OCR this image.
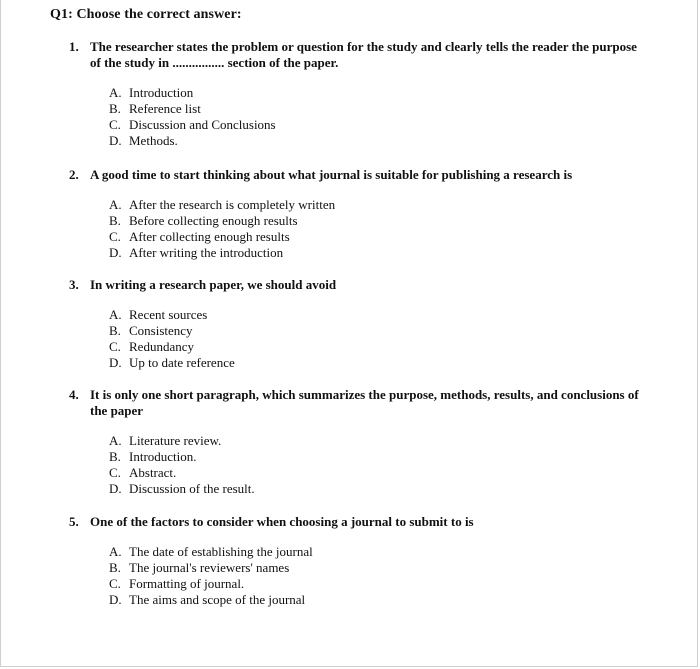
Q1: Choose the correct answer:
1. The researcher states the problem or question for the study and clearly tells the reader the purpose of the study in ................ section of the paper.
A. Introduction
B. Reference list
C. Discussion and Conclusions
D. Methods.
2. A good time to start thinking about what journal is suitable for publishing a research is
A. After the research is completely written
B. Before collecting enough results
C. After collecting enough results
D. After writing the introduction
3. In writing a research paper, we should avoid
A. Recent sources
B. Consistency
C. Redundancy
D. Up to date reference
4. It is only one short paragraph, which summarizes the purpose, methods, results, and conclusions of the paper
A. Literature review.
B. Introduction.
C. Abstract.
D. Discussion of the result.
5. One of the factors to consider when choosing a journal to submit to is
A. The date of establishing the journal
B. The journal's reviewers' names
C. Formatting of journal.
D. The aims and scope of the journal
